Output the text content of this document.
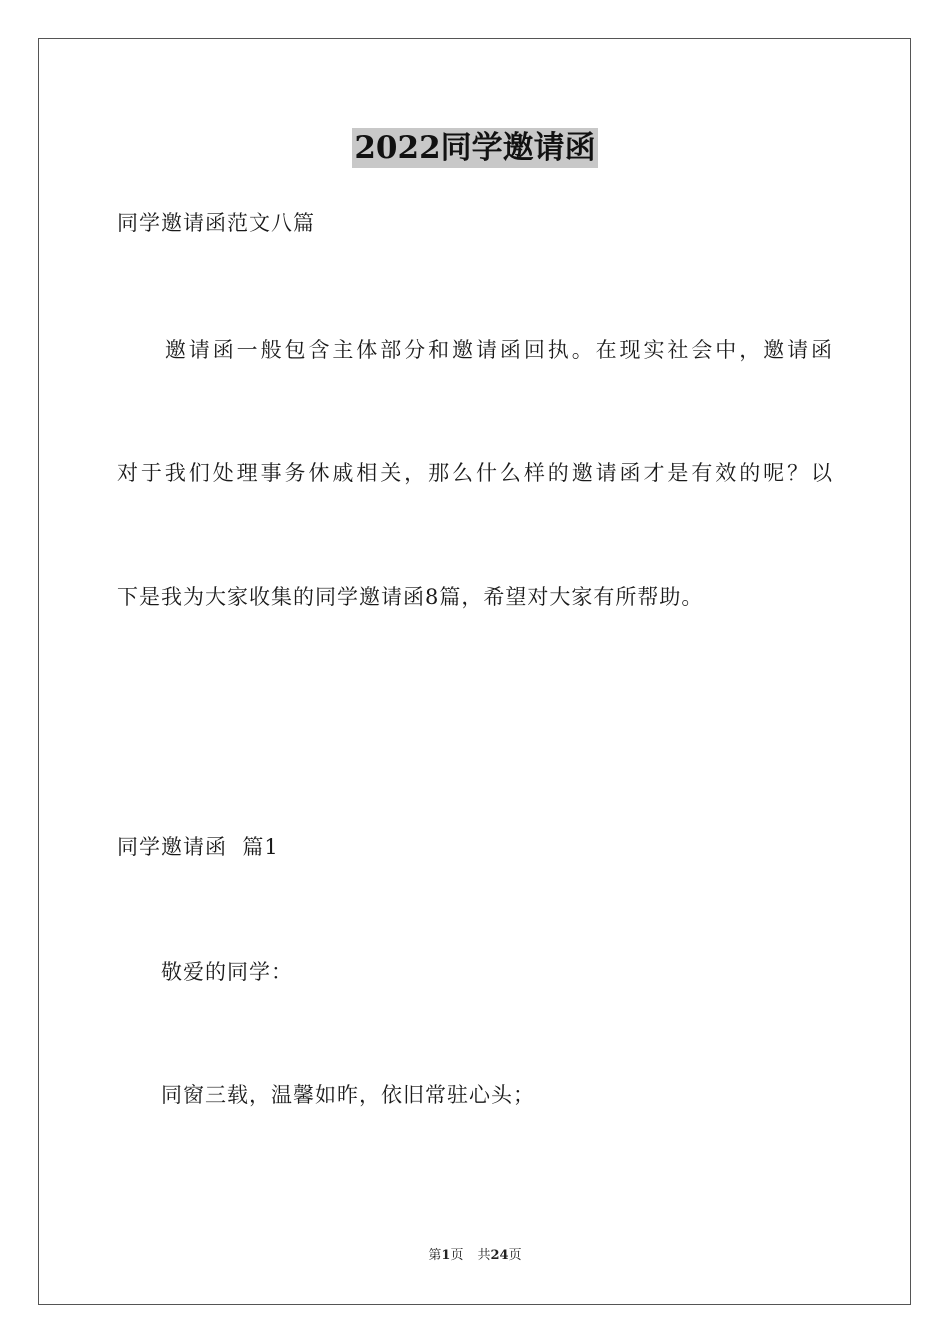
2022同学邀请函
同学邀请函范文八篇
　　邀请函一般包含主体部分和邀请函回执。在现实社会中，邀请函
对于我们处理事务休戚相关，那么什么样的邀请函才是有效的呢？以
下是我为大家收集的同学邀请函8篇，希望对大家有所帮助。
同学邀请函  篇1
　　敬爱的同学：
　　同窗三载，温馨如昨，依旧常驻心头；
第1页 共24页
